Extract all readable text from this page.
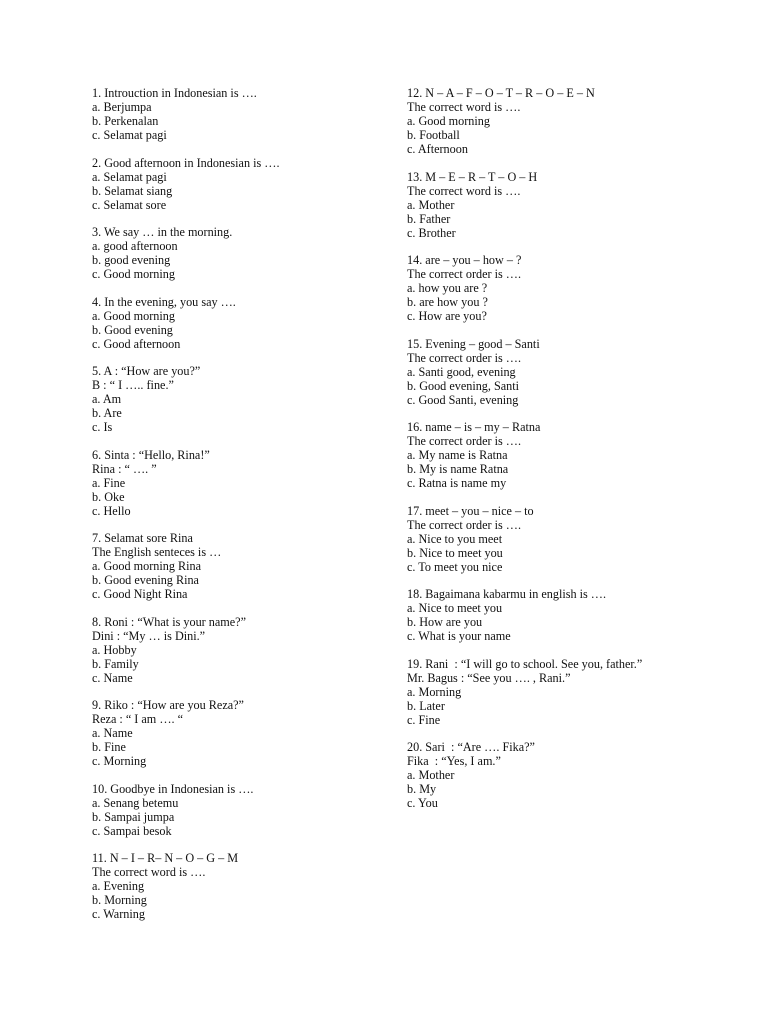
1. Introuction in Indonesian is ….
a. Berjumpa
b. Perkenalan
c. Selamat pagi
2. Good afternoon in Indonesian is ….
a. Selamat pagi
b. Selamat siang
c. Selamat sore
3. We say … in the morning.
a. good afternoon
b. good evening
c. Good morning
4. In the evening, you say ….
a. Good morning
b. Good evening
c. Good afternoon
5. A : “How are you?”
B : “ I ….. fine.”
a. Am
b. Are
c. Is
6. Sinta : “Hello, Rina!”
Rina : “ …. ”
a. Fine
b. Oke
c. Hello
7. Selamat sore Rina
The English senteces is …
a. Good morning Rina
b. Good evening Rina
c. Good Night Rina
8. Roni : “What is your name?”
Dini : “My … is Dini.”
a. Hobby
b. Family
c. Name
9. Riko : “How are you Reza?”
Reza : “ I am …. “
a. Name
b. Fine
c. Morning
10. Goodbye in Indonesian is ….
a. Senang betemu
b. Sampai jumpa
c. Sampai besok
11. N – I – R– N – O – G – M
The correct word is ….
a. Evening
b. Morning
c. Warning
12. N – A – F – O – T – R – O – E – N
The correct word is ….
a. Good morning
b. Football
c. Afternoon
13. M – E – R – T – O – H
The correct word is ….
a. Mother
b. Father
c. Brother
14. are – you – how – ?
The correct order is ….
a. how you are ?
b. are how you ?
c. How are you?
15. Evening – good – Santi
The correct order is ….
a. Santi good, evening
b. Good evening, Santi
c. Good Santi, evening
16. name – is – my – Ratna
The correct order is ….
a. My name is Ratna
b. My is name Ratna
c. Ratna is name my
17. meet – you – nice – to
The correct order is ….
a. Nice to you meet
b. Nice to meet you
c. To meet you nice
18. Bagaimana kabarmu in english is ….
a. Nice to meet you
b. How are you
c. What is your name
19. Rani  : “I will go to school. See you, father.”
Mr. Bagus : “See you …. , Rani.”
a. Morning
b. Later
c. Fine
20. Sari  : “Are …. Fika?”
Fika  : “Yes, I am.”
a. Mother
b. My
c. You
